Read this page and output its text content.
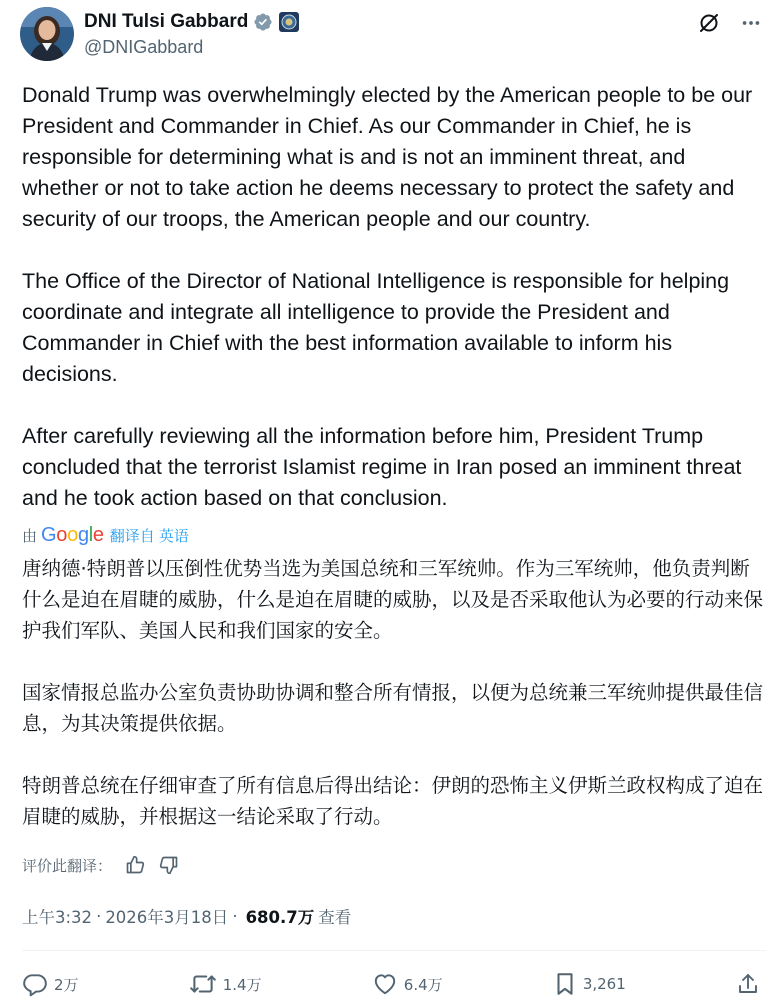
DNI Tulsi Gabbard
@DNIGabbard

Donald Trump was overwhelmingly elected by the American people to be our President and Commander in Chief. As our Commander in Chief, he is responsible for determining what is and is not an imminent threat, and whether or not to take action he deems necessary to protect the safety and security of our troops, the American people and our country.

The Office of the Director of National Intelligence is responsible for helping coordinate and integrate all intelligence to provide the President and Commander in Chief with the best information available to inform his decisions.

After carefully reviewing all the information before him, President Trump concluded that the terrorist Islamist regime in Iran posed an imminent threat and he took action based on that conclusion.

由 Google 翻译自 英语

唐纳德·特朗普以压倒性优势当选为美国总统和三军统帅。作为三军统帅，他负责判断什么是迫在眉睫的威胁，什么是迫在眉睫的威胁，以及是否采取他认为必要的行动来保护我们军队、美国人民和我们国家的安全。

国家情报总监办公室负责协助协调和整合所有情报，以便为总统兼三军统帅提供最佳信息，为其决策提供依据。

特朗普总统在仔细审查了所有信息后得出结论：伊朗的恐怖主义伊斯兰政权构成了迫在眉睫的威胁，并根据这一结论采取了行动。

评价此翻译：
上午3:32 · 2026年3月18日 · 680.7万 查看
2万	1.4万	6.4万	3,261
